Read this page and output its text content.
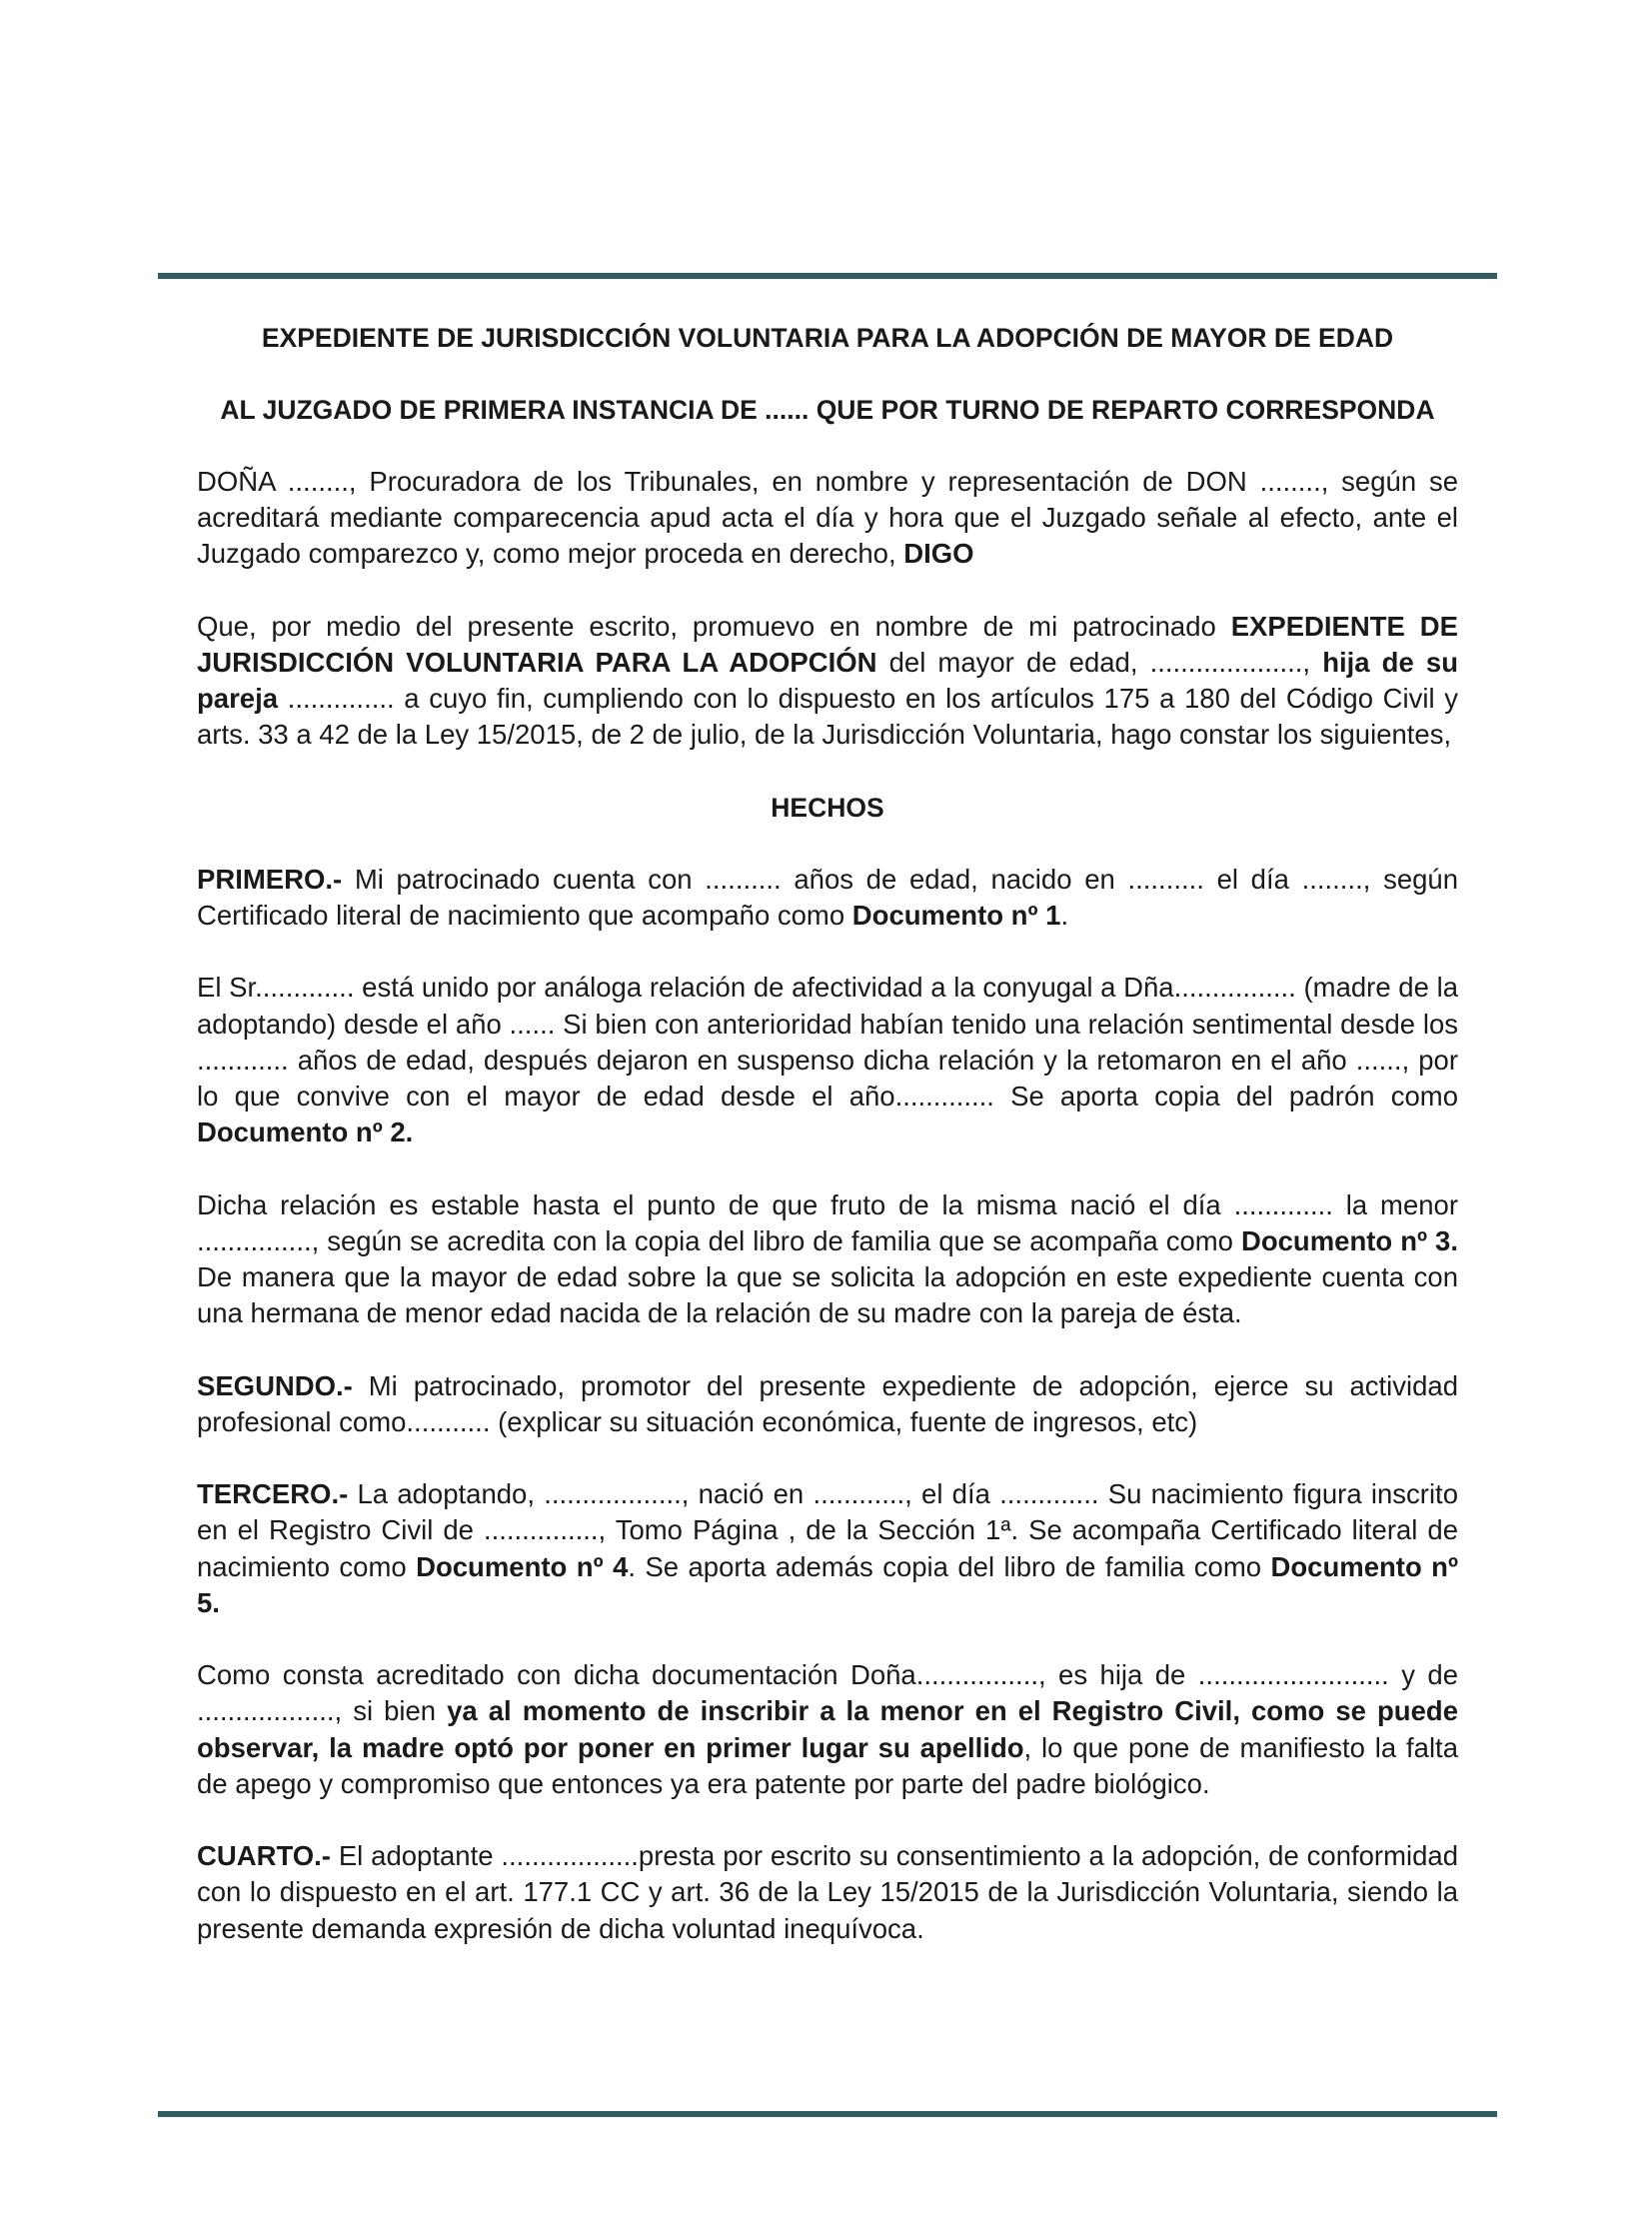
EXPEDIENTE DE JURISDICCIÓN VOLUNTARIA PARA LA ADOPCIÓN DE MAYOR DE EDAD
AL JUZGADO DE PRIMERA INSTANCIA DE ...... QUE POR TURNO DE REPARTO CORRESPONDA

DOÑA ........, Procuradora de los Tribunales, en nombre y representación de DON ........, según se acreditará mediante comparecencia apud acta el día y hora que el Juzgado señale al efecto, ante el Juzgado comparezco y, como mejor proceda en derecho, DIGO

Que, por medio del presente escrito, promuevo en nombre de mi patrocinado EXPEDIENTE DE JURISDICCIÓN VOLUNTARIA PARA LA ADOPCIÓN del mayor de edad, ...................., hija de su pareja .............. a cuyo fin, cumpliendo con lo dispuesto en los artículos 175 a 180 del Código Civil y arts. 33 a 42 de la Ley 15/2015, de 2 de julio, de la Jurisdicción Voluntaria, hago constar los siguientes,

HECHOS

PRIMERO.- Mi patrocinado cuenta con .......... años de edad, nacido en .......... el día ........, según Certificado literal de nacimiento que acompaño como Documento nº 1.

El Sr............. está unido por análoga relación de afectividad a la conyugal a Dña................ (madre de la adoptando) desde el año ...... Si bien con anterioridad habían tenido una relación sentimental desde los ............ años de edad, después dejaron en suspenso dicha relación y la retomaron en el año ......, por lo que convive con el mayor de edad desde el año............. Se aporta copia del padrón como Documento nº 2.

Dicha relación es estable hasta el punto de que fruto de la misma nació el día ............. la menor ..............., según se acredita con la copia del libro de familia que se acompaña como Documento nº 3. De manera que la mayor de edad sobre la que se solicita la adopción en este expediente cuenta con una hermana de menor edad nacida de la relación de su madre con la pareja de ésta.

SEGUNDO.- Mi patrocinado, promotor del presente expediente de adopción, ejerce su actividad profesional como........... (explicar su situación económica, fuente de ingresos, etc)

TERCERO.- La adoptando, .................., nació en ............, el día ............. Su nacimiento figura inscrito en el Registro Civil de ..............., Tomo Página , de la Sección 1ª. Se acompaña Certificado literal de nacimiento como Documento nº 4. Se aporta además copia del libro de familia como Documento nº 5.

Como consta acreditado con dicha documentación Doña................, es hija de ......................... y de .................., si bien ya al momento de inscribir a la menor en el Registro Civil, como se puede observar, la madre optó por poner en primer lugar su apellido, lo que pone de manifiesto la falta de apego y compromiso que entonces ya era patente por parte del padre biológico.

CUARTO.- El adoptante ..................presta por escrito su consentimiento a la adopción, de conformidad con lo dispuesto en el art. 177.1 CC y art. 36 de la Ley 15/2015 de la Jurisdicción Voluntaria, siendo la presente demanda expresión de dicha voluntad inequívoca.
